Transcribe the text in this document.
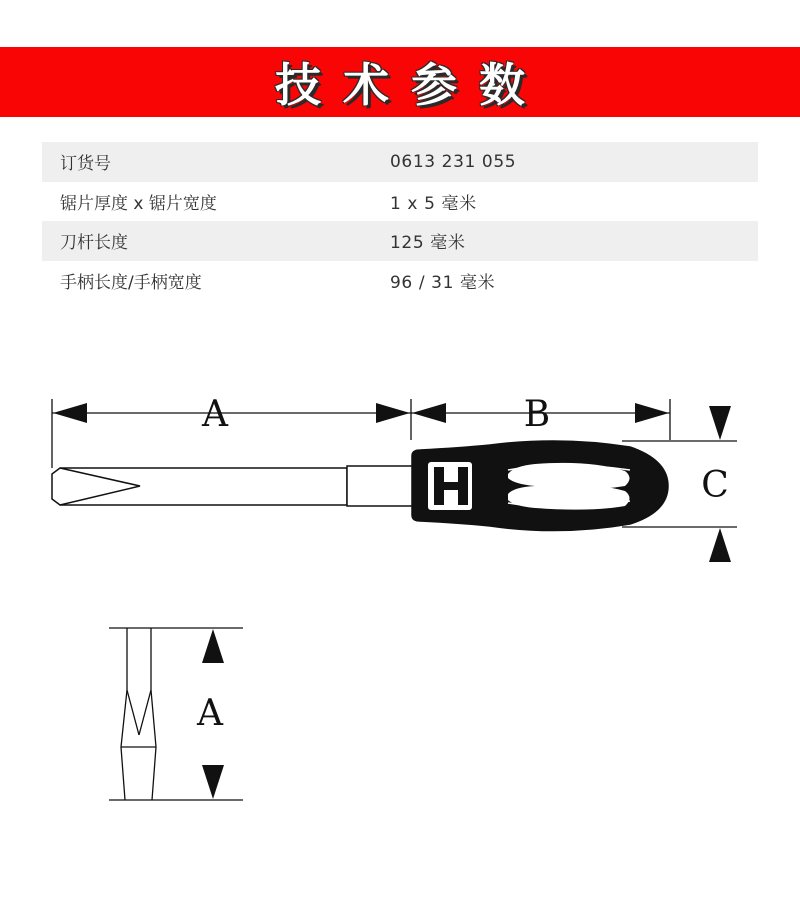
技术参数
订货号	0613 231 055
锯片厚度 x 锯片宽度	1 x 5 毫米
刀杆长度	125 毫米
手柄长度/手柄宽度	96 / 31 毫米
A	B
C
A
